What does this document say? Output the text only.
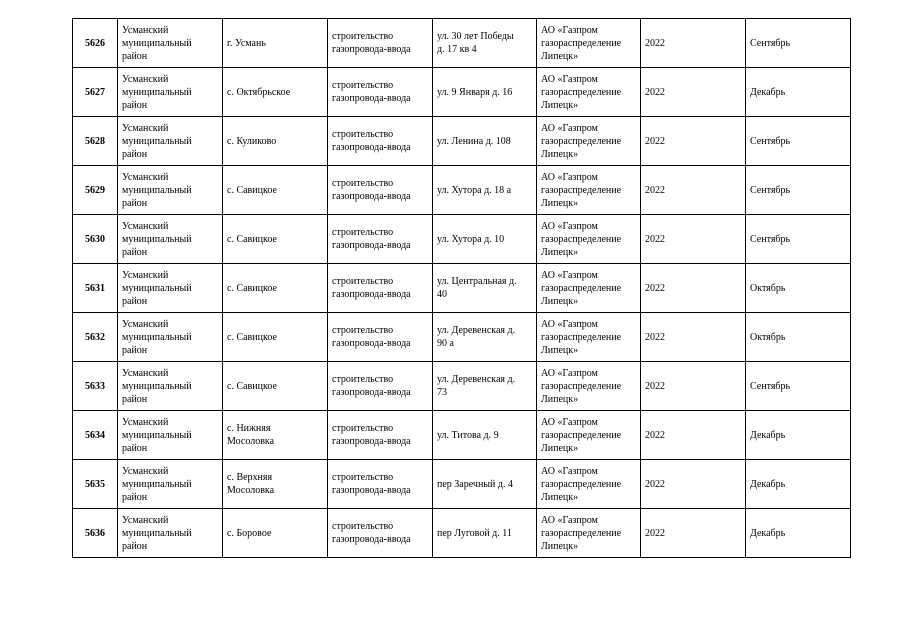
5626	Усманский
муниципальный
район	г. Усмань	строительство
газопровода-ввода	ул. 30 лет Победы
д. 17 кв 4	АО «Газпром
газораспределение
Липецк»	2022	Сентябрь
5627	Усманский
муниципальный
район	с. Октябрьское	строительство
газопровода-ввода	ул. 9 Января д. 16	АО «Газпром
газораспределение
Липецк»	2022	Декабрь
5628	Усманский
муниципальный
район	с. Куликово	строительство
газопровода-ввода	ул. Ленина д. 108	АО «Газпром
газораспределение
Липецк»	2022	Сентябрь
5629	Усманский
муниципальный
район	с. Савицкое	строительство
газопровода-ввода	ул. Хутора д. 18 а	АО «Газпром
газораспределение
Липецк»	2022	Сентябрь
5630	Усманский
муниципальный
район	с. Савицкое	строительство
газопровода-ввода	ул. Хутора д. 10	АО «Газпром
газораспределение
Липецк»	2022	Сентябрь
5631	Усманский
муниципальный
район	с. Савицкое	строительство
газопровода-ввода	ул. Центральная д.
40	АО «Газпром
газораспределение
Липецк»	2022	Октябрь
5632	Усманский
муниципальный
район	с. Савицкое	строительство
газопровода-ввода	ул. Деревенская д.
90 а	АО «Газпром
газораспределение
Липецк»	2022	Октябрь
5633	Усманский
муниципальный
район	с. Савицкое	строительство
газопровода-ввода	ул. Деревенская д.
73	АО «Газпром
газораспределение
Липецк»	2022	Сентябрь
5634	Усманский
муниципальный
район	с. Нижняя
Мосоловка	строительство
газопровода-ввода	ул. Титова д. 9	АО «Газпром
газораспределение
Липецк»	2022	Декабрь
5635	Усманский
муниципальный
район	с. Верхняя
Мосоловка	строительство
газопровода-ввода	пер Заречный д. 4	АО «Газпром
газораспределение
Липецк»	2022	Декабрь
5636	Усманский
муниципальный
район	с. Боровое	строительство
газопровода-ввода	пер Луговой д. 11	АО «Газпром
газораспределение
Липецк»	2022	Декабрь
